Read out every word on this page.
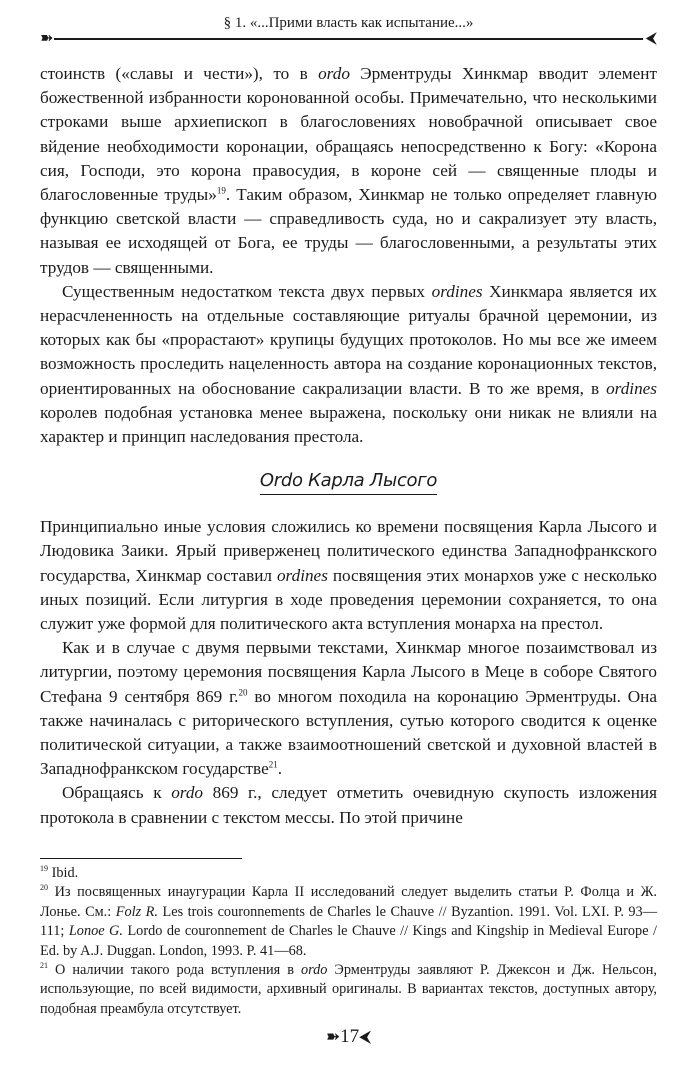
§ 1. «...Прими власть как испытание...»
➽	⮜

стоинств («славы и чести»), то в ordo Эрментруды Хинкмар вводит элемент божественной избранности коронованной особы. Примечательно, что несколькими строками выше архиепископ в благословениях новобрачной описывает свое вйдение необходимости коронации, обращаясь непосредственно к Богу: «Корона сия, Господи, это корона правосудия, в короне сей — священные плоды и благословенные труды»$^{19}$. Таким образом, Хинкмар не только определяет главную функцию светской власти — справедливость суда, но и сакрализует эту власть, называя ее исходящей от Бога, ее труды — благословенными, а результаты этих трудов — священными.

Существенным недостатком текста двух первых ordines Хинкмара является их нерасчлененность на отдельные составляющие ритуалы брачной церемонии, из которых как бы «прорастают» крупицы будущих протоколов. Но мы все же имеем возможность проследить нацеленность автора на создание коронационных текстов, ориентированных на обоснование сакрализации власти. В то же время, в ordines королев подобная установка менее выражена, поскольку они никак не влияли на характер и принцип наследования престола.

Ordo Карла Лысого

Принципиально иные условия сложились ко времени посвящения Карла Лысого и Людовика Заики. Ярый приверженец политического единства Западнофранкского государства, Хинкмар составил ordines посвящения этих монархов уже с несколько иных позиций. Если литургия в ходе проведения церемонии сохраняется, то она служит уже формой для политического акта вступления монарха на престол.

Как и в случае с двумя первыми текстами, Хинкмар многое позаимствовал из литургии, поэтому церемония посвящения Карла Лысого в Меце в соборе Святого Стефана 9 сентября 869 г.$^{20}$ во многом походила на коронацию Эрментруды. Она также начиналась с риторического вступления, сутью которого сводится к оценке политической ситуации, а также взаимоотношений светской и духовной властей в Западнофранкском государстве$^{21}$.

Обращаясь к ordo 869 г., следует отметить очевидную скупость изложения протокола в сравнении с текстом мессы. По этой причине

$^{19}$ Ibid.

$^{20}$ Из посвященных инаугурации Карла II исследований следует выделить статьи Р. Фолца и Ж. Лонье. См.: Folz R. Les trois couronnements de Charles le Chauve // Byzantion. 1991. Vol. LXI. P. 93—111; Lonoe G. Lordo de couronnement de Charles le Chauve // Kings and Kingship in Medieval Europe / Ed. by A.J. Duggan. London, 1993. P. 41—68.

$^{21}$ О наличии такого рода вступления в ordo Эрментруды заявляют Р. Джексон и Дж. Нельсон, использующие, по всей видимости, архивный оригиналы. В вариантах текстов, доступных автору, подобная преамбула отсутствует.

➽17⮜
